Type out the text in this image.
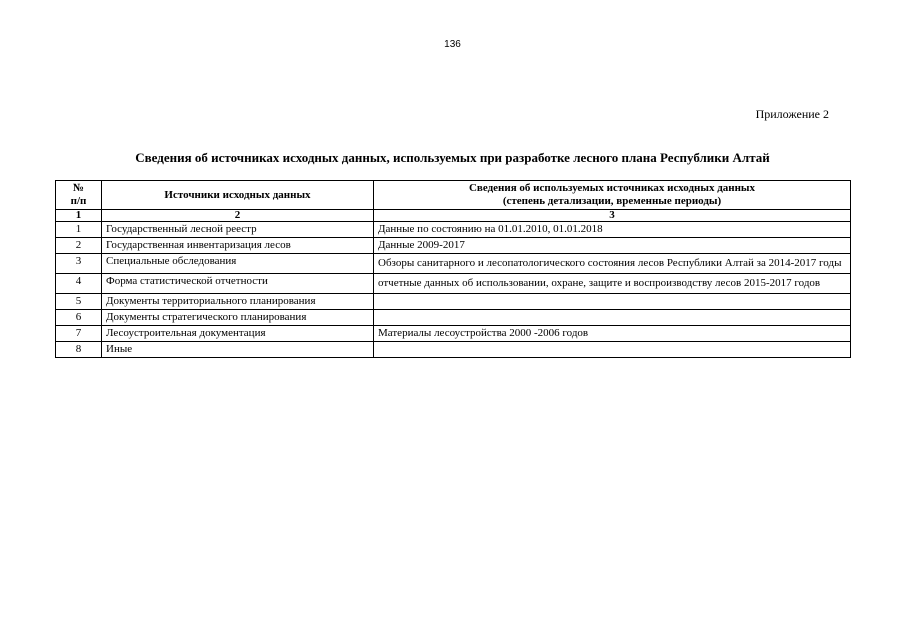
136
Приложение 2
Сведения об источниках исходных данных, используемых при разработке лесного плана Республики Алтай
№
п/п	Источники исходных данных	Сведения об используемых источниках исходных данных
(степень детализации, временные периоды)

1	2	3
1	Государственный лесной реестр	Данные по состоянию на 01.01.2010, 01.01.2018
2	Государственная инвентаризация лесов	Данные 2009-2017
3	Специальные обследования	Обзоры санитарного и лесопатологического состояния лесов Республики Алтай за 2014-2017 годы
4	Форма статистической отчетности	отчетные данных об использовании, охране, защите и воспроизводству лесов 2015-2017 годов
5	Документы территориального планирования	
6	Документы стратегического планирования	
7	Лесоустроительная документация	Материалы лесоустройства 2000 -2006 годов
8	Иные	
